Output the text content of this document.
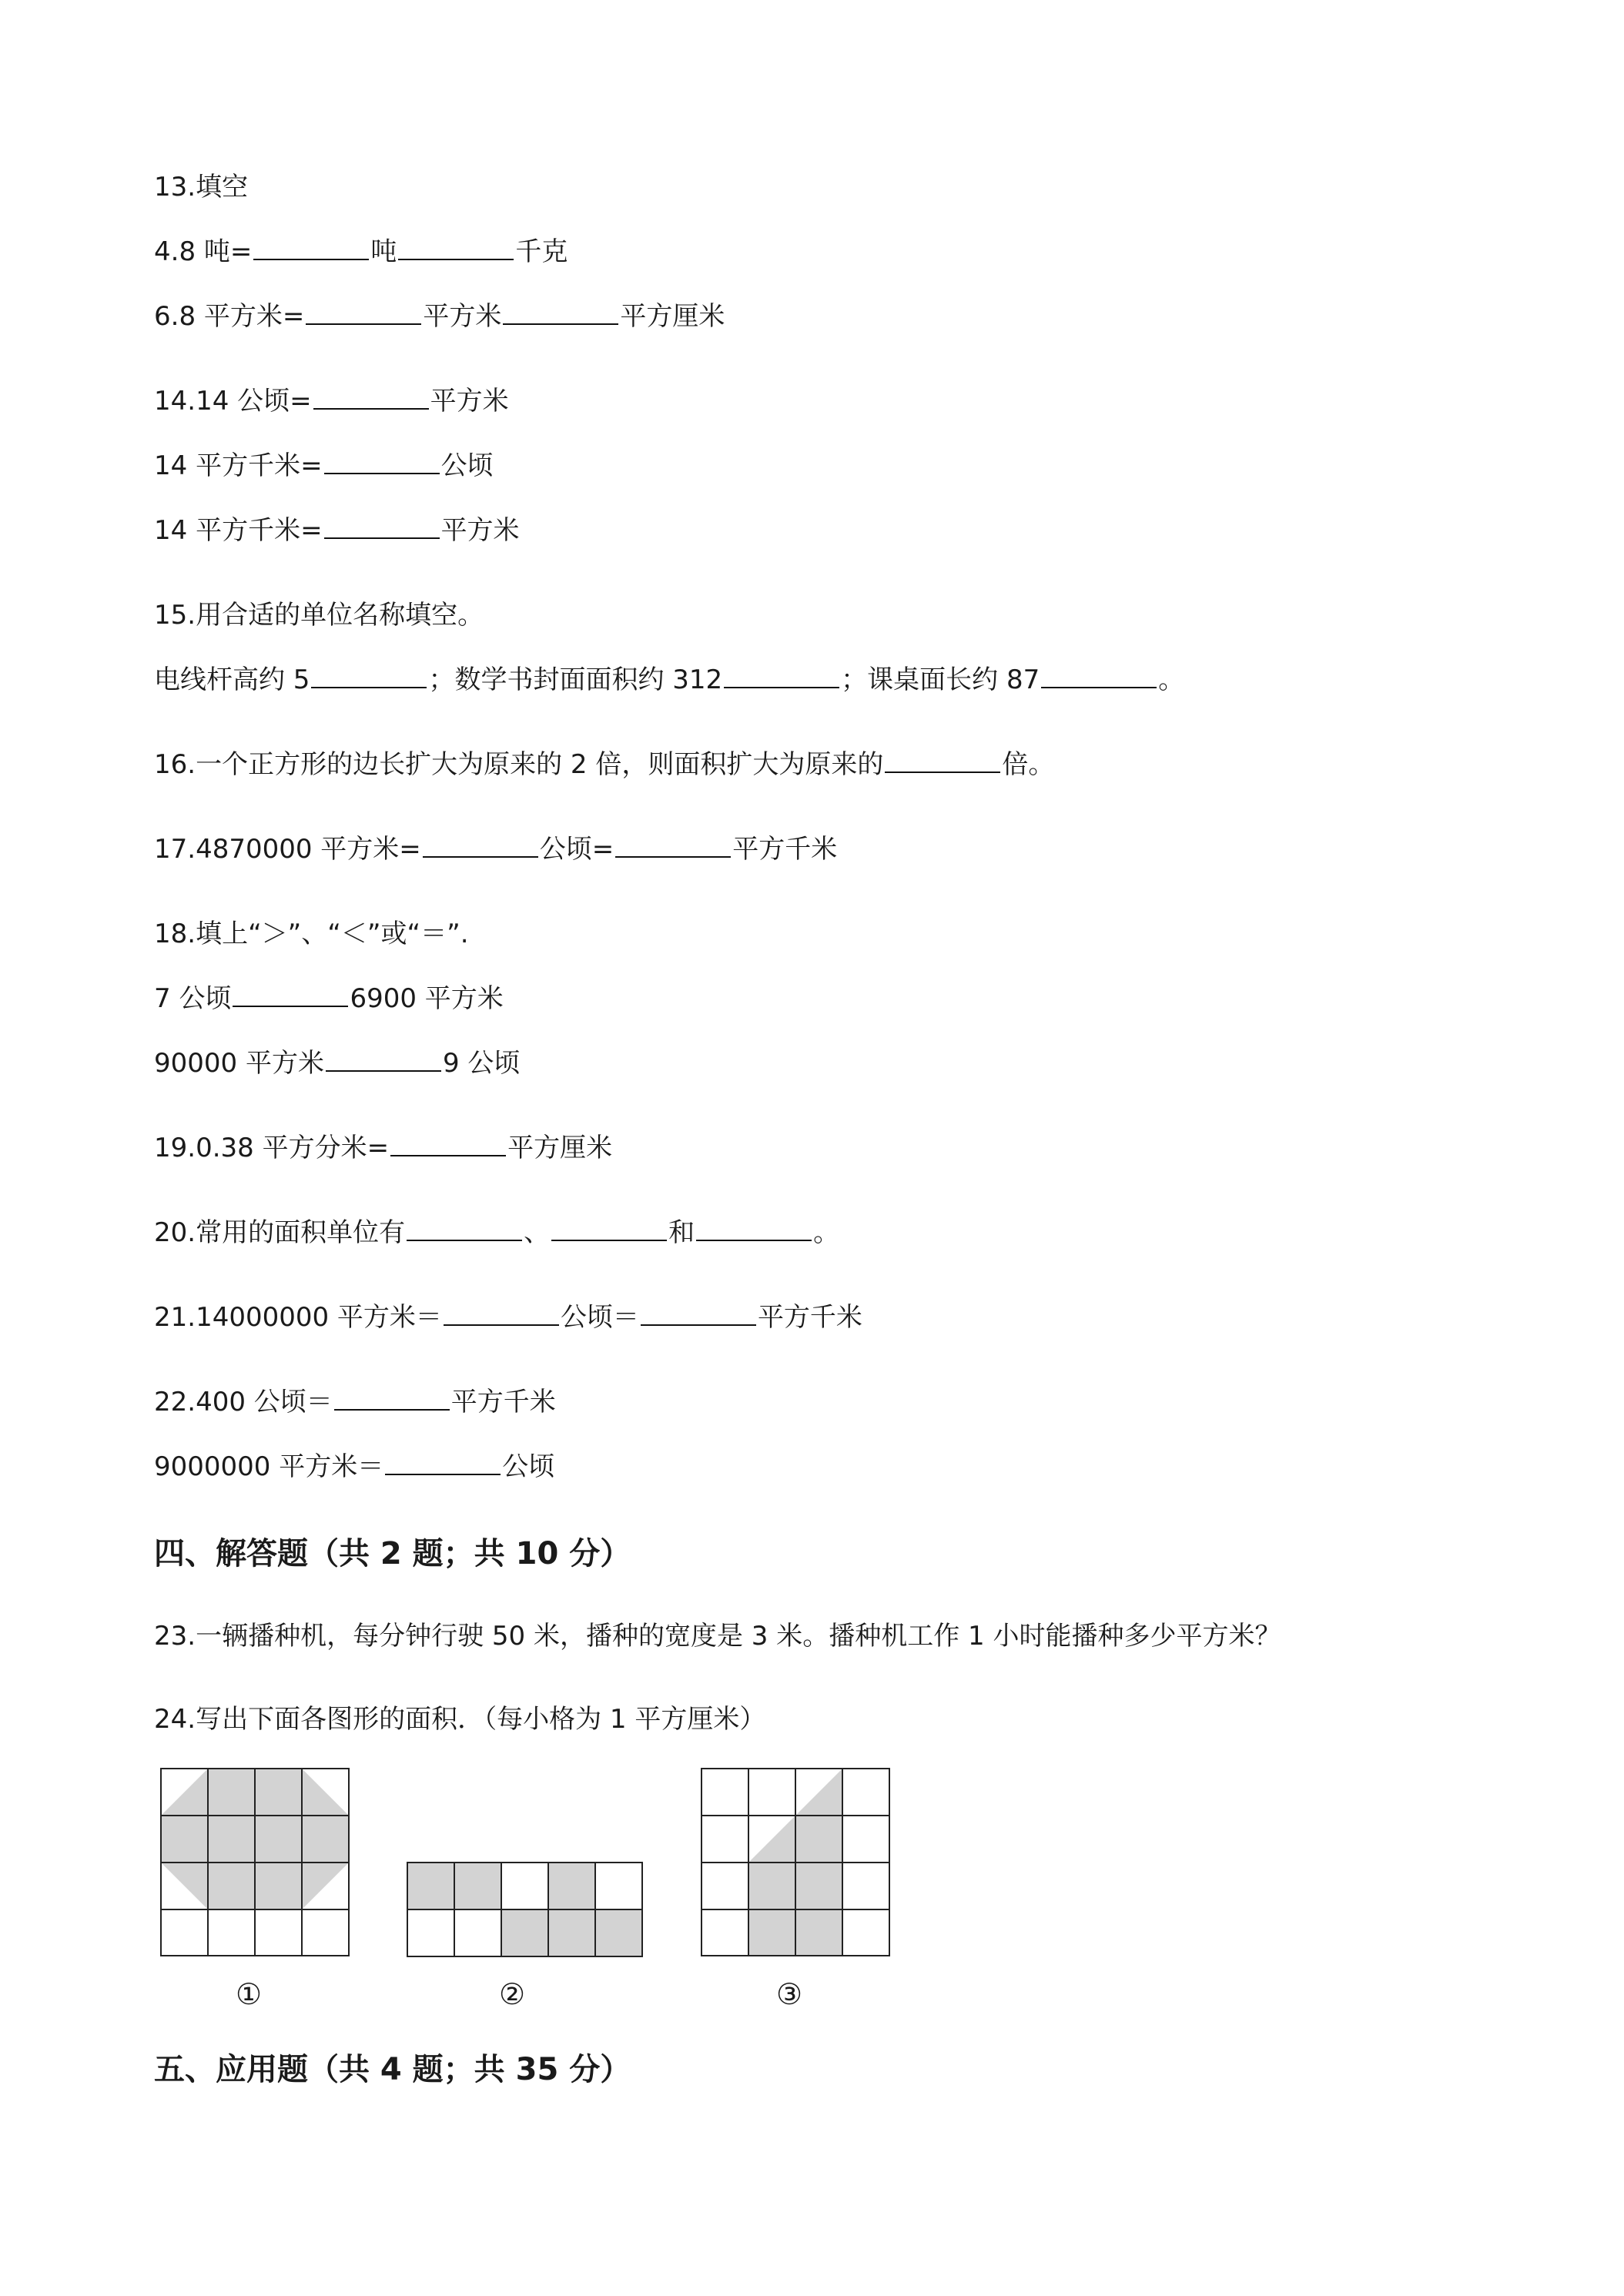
13.填空
4.8 吨=	吨	千克
6.8 平方米=	平方米	平方厘米
14.14 公顷=	平方米
14 平方千米=	公顷
14 平方千米=	平方米
15.用合适的单位名称填空。
电线杆高约 5	；数学书封面面积约 312	；课桌面长约 87	。
16.一个正方形的边长扩大为原来的 2 倍，则面积扩大为原来的	倍。
17.4870000 平方米=	公顷=	平方千米
18.填上“＞”、“＜”或“＝”.
7 公顷	6900 平方米
90000 平方米	9 公顷
19.0.38 平方分米=	平方厘米
20.常用的面积单位有	、	和	。
21.14000000 平方米＝	公顷＝	平方千米
22.400 公顷＝	平方千米
9000000 平方米＝	公顷
四、解答题（共 2 题；共 10 分）
23.一辆播种机，每分钟行驶 50 米，播种的宽度是 3 米。播种机工作 1 小时能播种多少平方米？
24.写出下面各图形的面积．（每小格为 1 平方厘米）
①	②	③
五、应用题（共 4 题；共 35 分）
